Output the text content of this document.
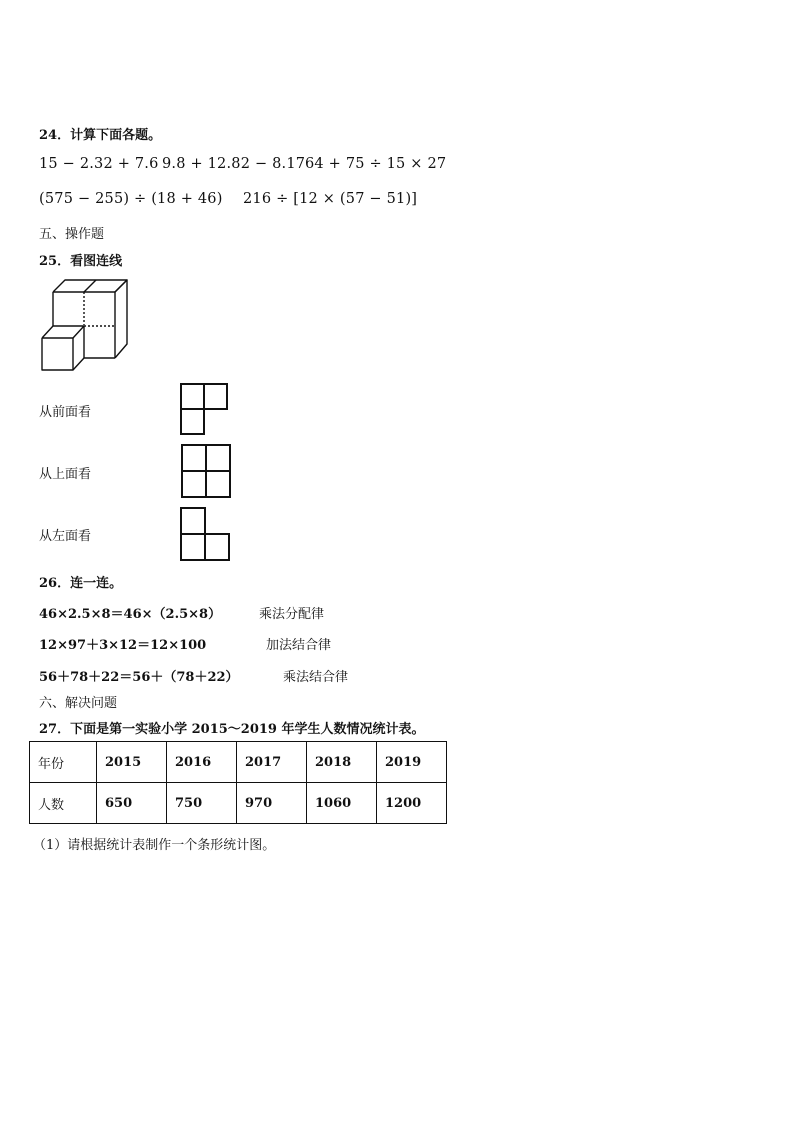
24．计算下面各题。
15 − 2.32 + 7.6 9.8 + 12.82 − 8.17 64 + 75 ÷ 15 × 27
(575 − 255) ÷ (18 + 46) 216 ÷ [12 × (57 − 51)]
五、操作题
25．看图连线
从前面看
从上面看
从左面看
26．连一连。
46×2.5×8＝46×（2.5×8）
12×97＋3×12＝12×100
56＋78＋22＝56＋（78＋22）
乘法分配律
加法结合律
乘法结合律
六、解决问题
27．下面是第一实验小学 2015～2019 年学生人数情况统计表。
年份	2015	2016	2017	2018	2019
人数	650	750	970	1060	1200
（1）请根据统计表制作一个条形统计图。
